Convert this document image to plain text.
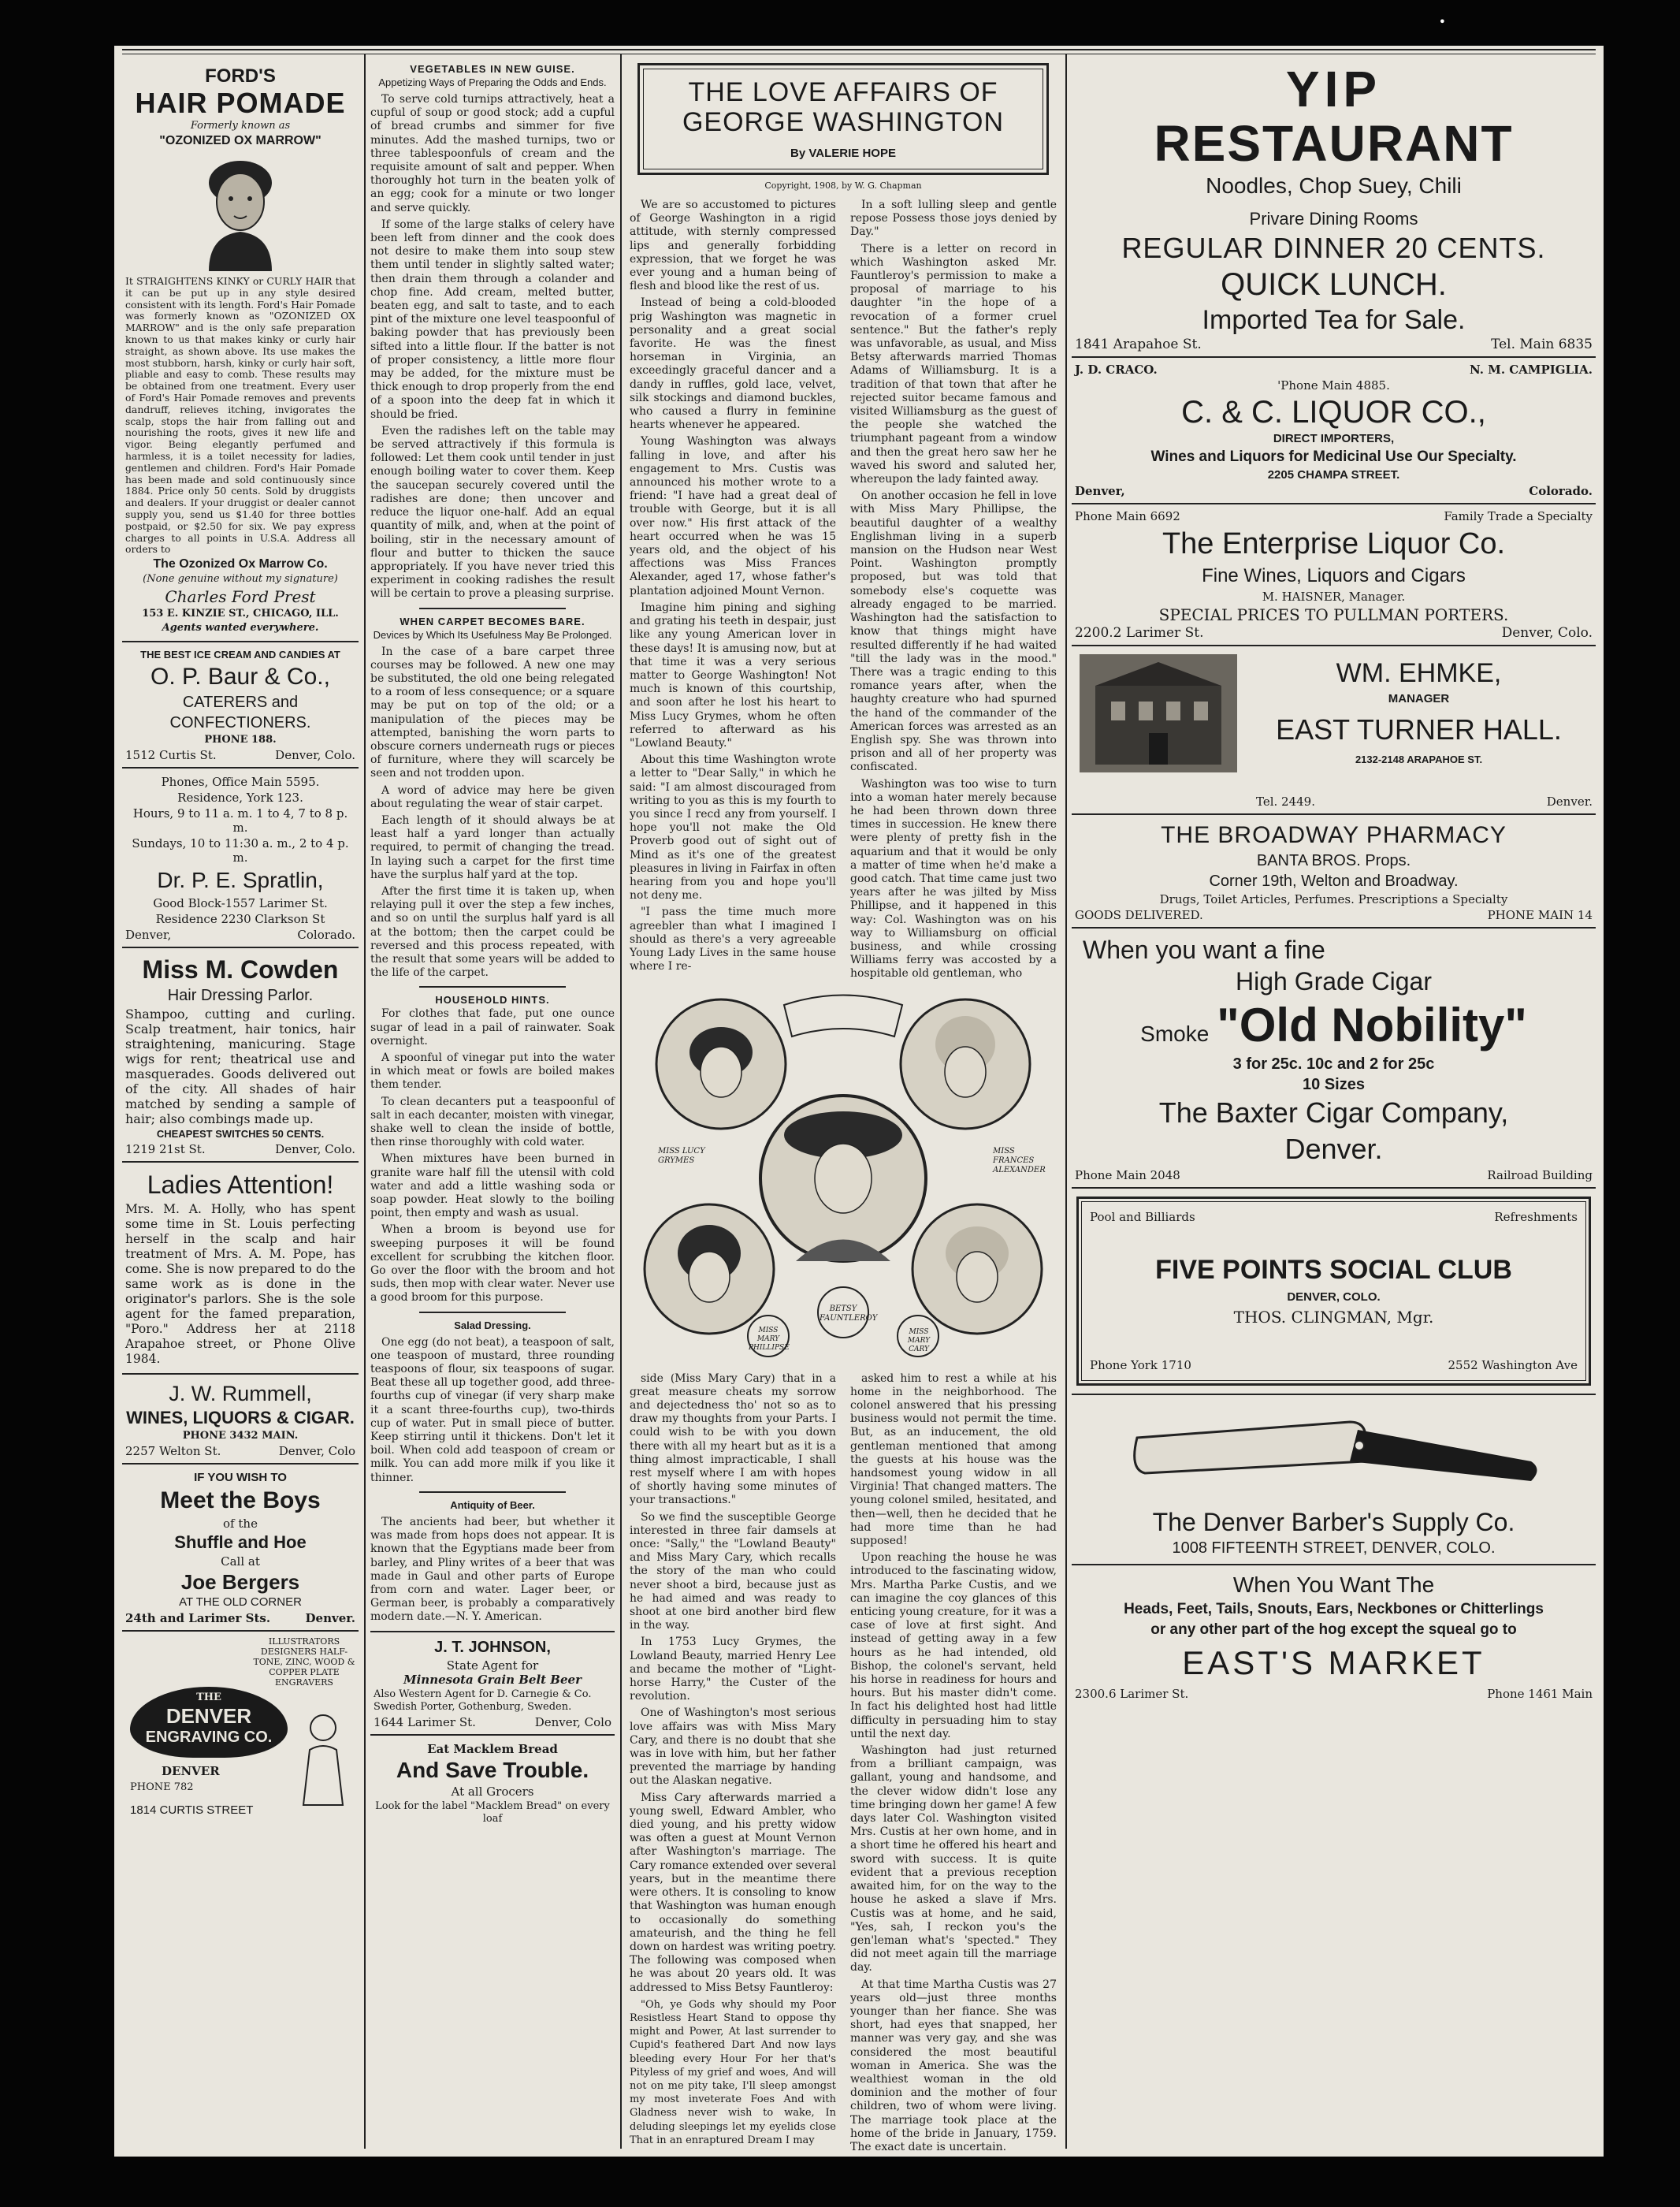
•

FORD'S

HAIR POMADE

Formerly known as

"OZONIZED OX MARROW"

It STRAIGHTENS KINKY or CURLY HAIR that it can be put up in any style desired consistent with its length. Ford's Hair Pomade was formerly known as "OZONIZED OX MARROW" and is the only safe preparation known to us that makes kinky or curly hair straight, as shown above. Its use makes the most stubborn, harsh, kinky or curly hair soft, pliable and easy to comb. These results may be obtained from one treatment. Every user of Ford's Hair Pomade removes and prevents dandruff, relieves itching, invigorates the scalp, stops the hair from falling out and nourishing the roots, gives it new life and vigor. Being elegantly perfumed and harmless, it is a toilet necessity for ladies, gentlemen and children. Ford's Hair Pomade has been made and sold continuously since 1884. Price only 50 cents. Sold by druggists and dealers. If your druggist or dealer cannot supply you, send us $1.40 for three bottles postpaid, or $2.50 for six. We pay express charges to all points in U.S.A. Address all orders to

The Ozonized Ox Marrow Co.

(None genuine without my signature)

Charles Ford Prest

153 E. KINZIE ST., CHICAGO, ILL.

Agents wanted everywhere.

THE BEST ICE CREAM AND CANDIES AT

O. P. Baur & Co.,

CATERERS and

CONFECTIONERS.

PHONE 188.

1512 Curtis St.	Denver, Colo.

Phones, Office Main 5595.

Residence, York 123.

Hours, 9 to 11 a. m. 1 to 4, 7 to 8 p. m.

Sundays, 10 to 11:30 a. m., 2 to 4 p. m.

Dr. P. E. Spratlin,

Good Block-1557 Larimer St.

Residence 2230 Clarkson St

Denver,	Colorado.

Miss M. Cowden

Hair Dressing Parlor.

Shampoo, cutting and curling. Scalp treatment, hair tonics, hair straightening, manicuring. Stage wigs for rent; theatrical use and masquerades. Goods delivered out of the city. All shades of hair matched by sending a sample of hair; also combings made up.

CHEAPEST SWITCHES 50 CENTS.

1219 21st St.	Denver, Colo.

Ladies Attention!

Mrs. M. A. Holly, who has spent some time in St. Louis perfecting herself in the scalp and hair treatment of Mrs. A. M. Pope, has come. She is now prepared to do the same work as is done in the originator's parlors. She is the sole agent for the famed preparation, "Poro." Address her at 2118 Arapahoe street, or Phone Olive 1984.

J. W. Rummell,

WINES, LIQUORS & CIGAR.

PHONE 3432 MAIN.

2257 Welton St.	Denver, Colo

IF YOU WISH TO

Meet the Boys

of the

Shuffle and Hoe

Call at

Joe Bergers

AT THE OLD CORNER

24th and Larimer Sts.	Denver.

ILLUSTRATORS DESIGNERS HALF-TONE, ZINC, WOOD & COPPER PLATE ENGRAVERS

THE
DENVER
ENGRAVING CO.
DENVER
PHONE 782
1814 CURTIS STREET

VEGETABLES IN NEW GUISE.

Appetizing Ways of Preparing the Odds and Ends.

To serve cold turnips attractively, heat a cupful of soup or good stock; add a cupful of bread crumbs and simmer for five minutes. Add the mashed turnips, two or three tablespoonfuls of cream and the requisite amount of salt and pepper. When thoroughly hot turn in the beaten yolk of an egg; cook for a minute or two longer and serve quickly.

If some of the large stalks of celery have been left from dinner and the cook does not desire to make them into soup stew them until tender in slightly salted water; then drain them through a colander and chop fine. Add cream, melted butter, beaten egg, and salt to taste, and to each pint of the mixture one level teaspoonful of baking powder that has previously been sifted into a little flour. If the batter is not of proper consistency, a little more flour may be added, for the mixture must be thick enough to drop properly from the end of a spoon into the deep fat in which it should be fried.

Even the radishes left on the table may be served attractively if this formula is followed: Let them cook until tender in just enough boiling water to cover them. Keep the saucepan securely covered until the radishes are done; then uncover and reduce the liquor one-half. Add an equal quantity of milk, and, when at the point of boiling, stir in the necessary amount of flour and butter to thicken the sauce appropriately. If you have never tried this experiment in cooking radishes the result will be certain to prove a pleasing surprise.

WHEN CARPET BECOMES BARE.

Devices by Which Its Usefulness May Be Prolonged.

In the case of a bare carpet three courses may be followed. A new one may be substituted, the old one being relegated to a room of less consequence; or a square may be put on top of the old; or a manipulation of the pieces may be attempted, banishing the worn parts to obscure corners underneath rugs or pieces of furniture, where they will scarcely be seen and not trodden upon.

A word of advice may here be given about regulating the wear of stair carpet.

Each length of it should always be at least half a yard longer than actually required, to permit of changing the tread. In laying such a carpet for the first time have the surplus half yard at the top.

After the first time it is taken up, when relaying pull it over the step a few inches, and so on until the surplus half yard is all at the bottom; then the carpet could be reversed and this process repeated, with the result that some years will be added to the life of the carpet.

HOUSEHOLD HINTS.

For clothes that fade, put one ounce sugar of lead in a pail of rainwater. Soak overnight.

A spoonful of vinegar put into the water in which meat or fowls are boiled makes them tender.

To clean decanters put a teaspoonful of salt in each decanter, moisten with vinegar, shake well to clean the inside of bottle, then rinse thoroughly with cold water.

When mixtures have been burned in granite ware half fill the utensil with cold water and add a little washing soda or soap powder. Heat slowly to the boiling point, then empty and wash as usual.

When a broom is beyond use for sweeping purposes it will be found excellent for scrubbing the kitchen floor. Go over the floor with the broom and hot suds, then mop with clear water. Never use a good broom for this purpose.

Salad Dressing.

One egg (do not beat), a teaspoon of salt, one teaspoon of mustard, three rounding teaspoons of flour, six teaspoons of sugar. Beat these all up together good, add three-fourths cup of vinegar (if very sharp make it a scant three-fourths cup), two-thirds cup of water. Put in small piece of butter. Keep stirring until it thickens. Don't let it boil. When cold add teaspoon of cream or milk. You can add more milk if you like it thinner.

Antiquity of Beer.

The ancients had beer, but whether it was made from hops does not appear. It is known that the Egyptians made beer from barley, and Pliny writes of a beer that was made in Gaul and other parts of Europe from corn and water. Lager beer, or German beer, is probably a comparatively modern date.—N. Y. American.

J. T. JOHNSON,

State Agent for

Minnesota Grain Belt Beer

Also Western Agent for D. Carnegie & Co. Swedish Porter, Gothenburg, Sweden.

1644 Larimer St.	Denver, Colo

Eat Macklem Bread

And Save Trouble.

At all Grocers

Look for the label "Macklem Bread" on every loaf

THE LOVE AFFAIRS OF
GEORGE WASHINGTON
By VALERIE HOPE

Copyright, 1908, by W. G. Chapman

We are so accustomed to pictures of George Washington in a rigid attitude, with sternly compressed lips and generally forbidding expression, that we forget he was ever young and a human being of flesh and blood like the rest of us.

Instead of being a cold-blooded prig Washington was magnetic in personality and a great social favorite. He was the finest horseman in Virginia, an exceedingly graceful dancer and a dandy in ruffles, gold lace, velvet, silk stockings and diamond buckles, who caused a flurry in feminine hearts whenever he appeared.

Young Washington was always falling in love, and after his engagement to Mrs. Custis was announced his mother wrote to a friend: "I have had a great deal of trouble with George, but it is all over now." His first attack of the heart occurred when he was 15 years old, and the object of his affections was Miss Frances Alexander, aged 17, whose father's plantation adjoined Mount Vernon.

Imagine him pining and sighing and grating his teeth in despair, just like any young American lover in these days! It is amusing now, but at that time it was a very serious matter to George Washington! Not much is known of this courtship, and soon after he lost his heart to Miss Lucy Grymes, whom he often referred to afterward as his "Lowland Beauty."

About this time Washington wrote a letter to "Dear Sally," in which he said: "I am almost discouraged from writing to you as this is my fourth to you since I recd any from yourself. I hope you'll not make the Old Proverb good out of sight out of Mind as it's one of the greatest pleasures in living in Fairfax in often hearing from you and hope you'll not deny me.

"I pass the time much more agreebler than what I imagined I should as there's a very agreeable Young Lady Lives in the same house where I re-

In a soft lulling sleep and gentle repose Possess those joys denied by Day."

There is a letter on record in which Washington asked Mr. Fauntleroy's permission to make a proposal of marriage to his daughter "in the hope of a revocation of a former cruel sentence." But the father's reply was unfavorable, as usual, and Miss Betsy afterwards married Thomas Adams of Williamsburg. It is a tradition of that town that after he rejected suitor became famous and visited Williamsburg as the guest of the people she watched the triumphant pageant from a window and then the great hero saw her he waved his sword and saluted her, whereupon the lady fainted away.

On another occasion he fell in love with Miss Mary Phillipse, the beautiful daughter of a wealthy Englishman living in a superb mansion on the Hudson near West Point. Washington promptly proposed, but was told that somebody else's coquette was already engaged to be married. Washington had the satisfaction to know that things might have resulted differently if he had waited "till the lady was in the mood." There was a tragic ending to this romance years after, when the haughty creature who had spurned the hand of the commander of the American forces was arrested as an English spy. She was thrown into prison and all of her property was confiscated.

Washington was too wise to turn into a woman hater merely because he had been thrown down three times in succession. He knew there were plenty of pretty fish in the aquarium and that it would be only a matter of time when he'd make a good catch. That time came just two years after he was jilted by Miss Phillipse, and it happened in this way: Col. Washington was on his way to Williamsburg on official business, and while crossing Williams ferry was accosted by a hospitable old gentleman, who

MISS LUCY GRYMES
MISS FRANCES ALEXANDER
BETSY FAUNTLEROY
MISS MARY PHILLIPSE
MISS MARY CARY

side (Miss Mary Cary) that in a great measure cheats my sorrow and dejectedness tho' not so as to draw my thoughts from your Parts. I could wish to be with you down there with all my heart but as it is a thing almost impracticable, I shall rest myself where I am with hopes of shortly having some minutes of your transactions."

So we find the susceptible George interested in three fair damsels at once: "Sally," the "Lowland Beauty" and Miss Mary Cary, which recalls the story of the man who could never shoot a bird, because just as he had aimed and was ready to shoot at one bird another bird flew in the way.

In 1753 Lucy Grymes, the Lowland Beauty, married Henry Lee and became the mother of "Light-horse Harry," the Custer of the revolution.

One of Washington's most serious love affairs was with Miss Mary Cary, and there is no doubt that she was in love with him, but her father prevented the marriage by handing out the Alaskan negative.

Miss Cary afterwards married a young swell, Edward Ambler, who died young, and his pretty widow was often a guest at Mount Vernon after Washington's marriage. The Cary romance extended over several years, but in the meantime there were others. It is consoling to know that Washington was human enough to occasionally do something amateurish, and the thing he fell down on hardest was writing poetry. The following was composed when he was about 20 years old. It was addressed to Miss Betsy Fauntleroy:

"Oh, ye Gods why should my Poor Resistless Heart Stand to oppose thy might and Power, At last surrender to Cupid's feathered Dart And now lays bleeding every Hour For her that's Pityless of my grief and woes, And will not on me pity take, I'll sleep amongst my most inveterate Foes And with Gladness never wish to wake, In deluding sleepings let my eyelids close That in an enraptured Dream I may

asked him to rest a while at his home in the neighborhood. The colonel answered that his pressing business would not permit the time. But, as an inducement, the old gentleman mentioned that among the guests at his house was the handsomest young widow in all Virginia! That changed matters. The young colonel smiled, hesitated, and then—well, then he decided that he had more time than he had supposed!

Upon reaching the house he was introduced to the fascinating widow, Mrs. Martha Parke Custis, and we can imagine the coy glances of this enticing young creature, for it was a case of love at first sight. And instead of getting away in a few hours as he had intended, old Bishop, the colonel's servant, held his horse in readiness for hours and hours. But his master didn't come. In fact his delighted host had little difficulty in persuading him to stay until the next day.

Washington had just returned from a brilliant campaign, was gallant, young and handsome, and the clever widow didn't lose any time bringing down her game! A few days later Col. Washington visited Mrs. Custis at her own home, and in a short time he offered his heart and sword with success. It is quite evident that a previous reception awaited him, for on the way to the house he asked a slave if Mrs. Custis was at home, and he said, "Yes, sah, I reckon you's the gen'leman what's 'spected." They did not meet again till the marriage day.

At that time Martha Custis was 27 years old—just three months younger than her fiance. She was short, had eyes that snapped, her manner was very gay, and she was considered the most beautiful woman in America. She was the wealthiest woman in the old dominion and the mother of four children, two of whom were living. The marriage took place at the home of the bride in January, 1759. The exact date is uncertain.

YIP

RESTAURANT

Noodles, Chop Suey, Chili

Privare Dining Rooms

REGULAR DINNER 20 CENTS.

QUICK LUNCH.

Imported Tea for Sale.

1841 Arapahoe St.	Tel. Main 6835
J. D. CRACO.	N. M. CAMPIGLIA.

'Phone Main 4885.

C. & C. LIQUOR CO.,

DIRECT IMPORTERS,

Wines and Liquors for Medicinal Use Our Specialty.

2205 CHAMPA STREET.

Denver,	Colorado.
Phone Main 6692	Family Trade a Specialty

The Enterprise Liquor Co.

Fine Wines, Liquors and Cigars

M. HAISNER, Manager.

SPECIAL PRICES TO PULLMAN PORTERS.

2200.2 Larimer St.	Denver, Colo.

WM. EHMKE,

MANAGER

EAST TURNER HALL.

2132-2148 ARAPAHOE ST.

Tel. 2449.	Denver.

THE BROADWAY PHARMACY

BANTA BROS. Props.

Corner 19th, Welton and Broadway.

Drugs, Toilet Articles, Perfumes. Prescriptions a Specialty

GOODS DELIVERED.	PHONE MAIN 14

When you want a fine

High Grade Cigar

Smoke "Old Nobility"

3 for 25c. 10c and 2 for 25c

10 Sizes

The Baxter Cigar Company,

Denver.

Phone Main 2048	Railroad Building
Pool and Billiards	Refreshments

FIVE POINTS SOCIAL CLUB

DENVER, COLO.

THOS. CLINGMAN, Mgr.

Phone York 1710	2552 Washington Ave

The Denver Barber's Supply Co.

1008 FIFTEENTH STREET, DENVER, COLO.

When You Want The

Heads, Feet, Tails, Snouts, Ears, Neckbones or Chitterlings

or any other part of the hog except the squeal go to

EAST'S MARKET

2300.6 Larimer St.	Phone 1461 Main
